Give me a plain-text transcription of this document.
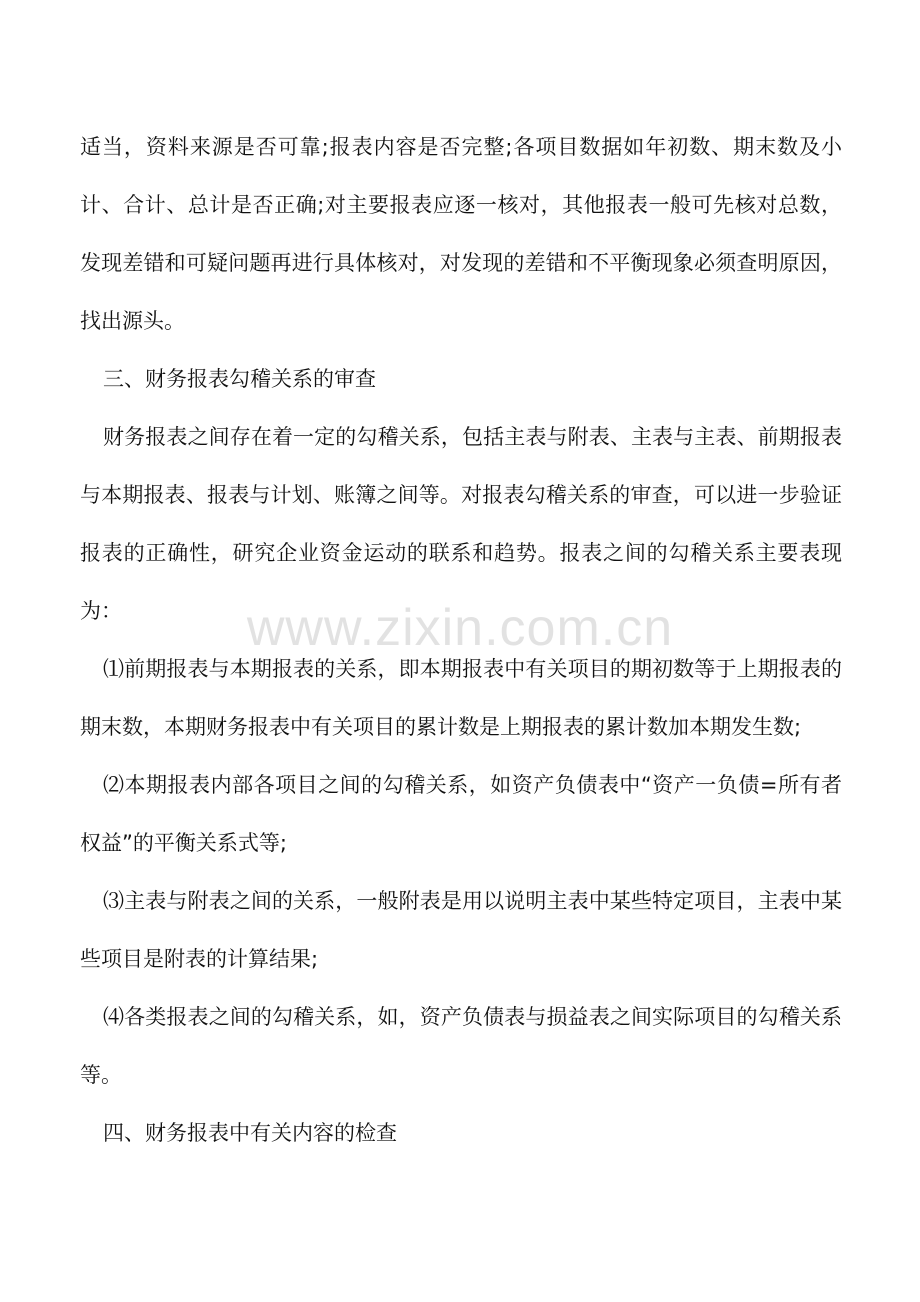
适当，资料来源是否可靠;报表内容是否完整;各项目数据如年初数、期末数及小计、合计、总计是否正确;对主要报表应逐一核对，其他报表一般可先核对总数，发现差错和可疑问题再进行具体核对，对发现的差错和不平衡现象必须查明原因，找出源头。

三、财务报表勾稽关系的审查

财务报表之间存在着一定的勾稽关系，包括主表与附表、主表与主表、前期报表与本期报表、报表与计划、账簿之间等。对报表勾稽关系的审查，可以进一步验证报表的正确性，研究企业资金运动的联系和趋势。报表之间的勾稽关系主要表现为：

⑴前期报表与本期报表的关系，即本期报表中有关项目的期初数等于上期报表的期末数，本期财务报表中有关项目的累计数是上期报表的累计数加本期发生数;

⑵本期报表内部各项目之间的勾稽关系，如资产负债表中“资产一负债=所有者权益”的平衡关系式等;

⑶主表与附表之间的关系，一般附表是用以说明主表中某些特定项目，主表中某些项目是附表的计算结果;

⑷各类报表之间的勾稽关系，如，资产负债表与损益表之间实际项目的勾稽关系等。

四、财务报表中有关内容的检查

www.zixin.com.cn
